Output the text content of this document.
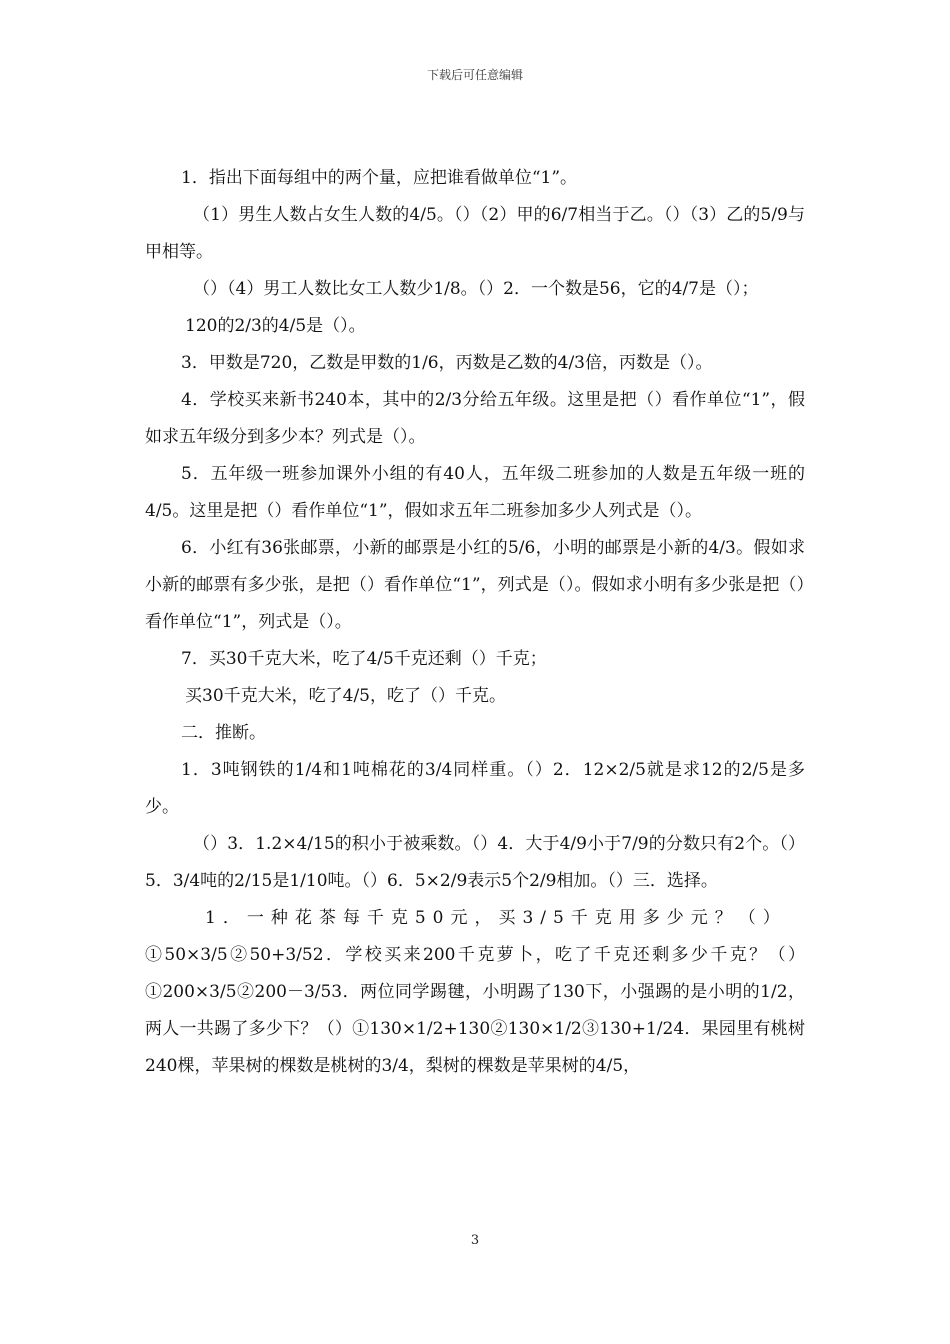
下载后可任意编辑

1．指出下面每组中的两个量，应把谁看做单位“1”。

（1）男生人数占女生人数的4/5。（）（2）甲的6/7相当于乙。（）（3）乙的5/9与甲相等。

（）（4）男工人数比女工人数少1/8。（）2．一个数是56，它的4/7是（）；

120的2/3的4/5是（）。

3．甲数是720，乙数是甲数的1/6，丙数是乙数的4/3倍，丙数是（）。

4．学校买来新书240本，其中的2/3分给五年级。这里是把（）看作单位“1”，假如求五年级分到多少本？列式是（）。

5．五年级一班参加课外小组的有40人，五年级二班参加的人数是五年级一班的4/5。这里是把（）看作单位“1”，假如求五年二班参加多少人列式是（）。

6．小红有36张邮票，小新的邮票是小红的5/6，小明的邮票是小新的4/3。假如求小新的邮票有多少张，是把（）看作单位“1”，列式是（）。假如求小明有多少张是把（）看作单位“1”，列式是（）。

7．买30千克大米，吃了4/5千克还剩（）千克；

买30千克大米，吃了4/5，吃了（）千克。

二．推断。

1．3吨钢铁的1/4和1吨棉花的3/4同样重。（）2．12×2/5就是求12的2/5是多少。

（）3．1.2×4/15的积小于被乘数。（）4．大于4/9小于7/9的分数只有2个。（）5．3/4吨的2/15是1/10吨。（）6．5×2/9表示5个2/9相加。（）三．选择。

1．一种花茶每千克50元，买3/5千克用多少元？（）

①50×3/5②50+3/52．学校买来200千克萝卜，吃了千克还剩多少千克？（）①200×3/5②200－3/53．两位同学踢毽，小明踢了130下，小强踢的是小明的1/2，两人一共踢了多少下？（）①130×1/2+130②130×1/2③130+1/24．果园里有桃树240棵，苹果树的棵数是桃树的3/4，梨树的棵数是苹果树的4/5，

3
